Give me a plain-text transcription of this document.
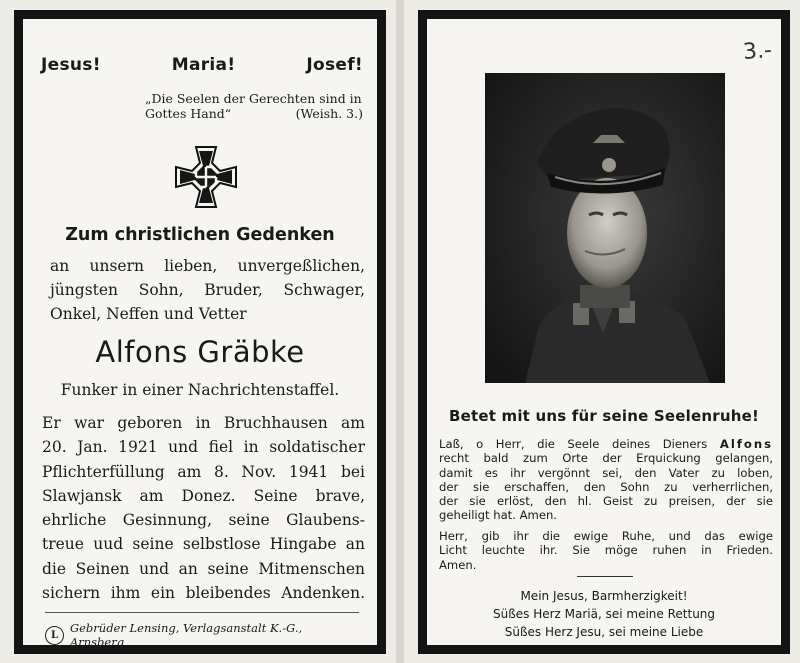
Jesus!	Maria!	Josef!
„Die Seelen der Gerechten sind in
Gottes Hand“	(Weish. 3.)
1939
Zum christlichen Gedenken
an unsern lieben, unvergeßlichen,
jüngsten Sohn, Bruder, Schwager,
Onkel, Neffen und Vetter
Alfons Gräbke
Funker in einer Nachrichtenstaffel.
Er war geboren in Bruchhausen am
20. Jan. 1921 und fiel in soldatischer
Pflichterfüllung am 8. Nov. 1941 bei
Slawjansk am Donez. Seine brave,
ehrliche Gesinnung, seine Glaubens-
treue uud seine selbstlose Hingabe an
die Seinen und an seine Mitmenschen
sichern ihm ein bleibendes Andenken.
L	Gebrüder Lensing, Verlagsanstalt K.-G., Arnsberg
3.-
Betet mit uns für seine Seelenruhe!
Laß, o Herr, die Seele deines Dieners Alfons
recht bald zum Orte der Erquickung gelangen,
damit es ihr vergönnt sei, den Vater zu loben,
der sie erschaffen, den Sohn zu verherrlichen,
der sie erlöst, den hl. Geist zu preisen, der sie
geheiligt hat. Amen.
Herr, gib ihr die ewige Ruhe, und das ewige
Licht leuchte ihr. Sie möge ruhen in Frieden.
Amen.
Mein Jesus, Barmherzigkeit!
Süßes Herz Mariä, sei meine Rettung
Süßes Herz Jesu, sei meine Liebe
